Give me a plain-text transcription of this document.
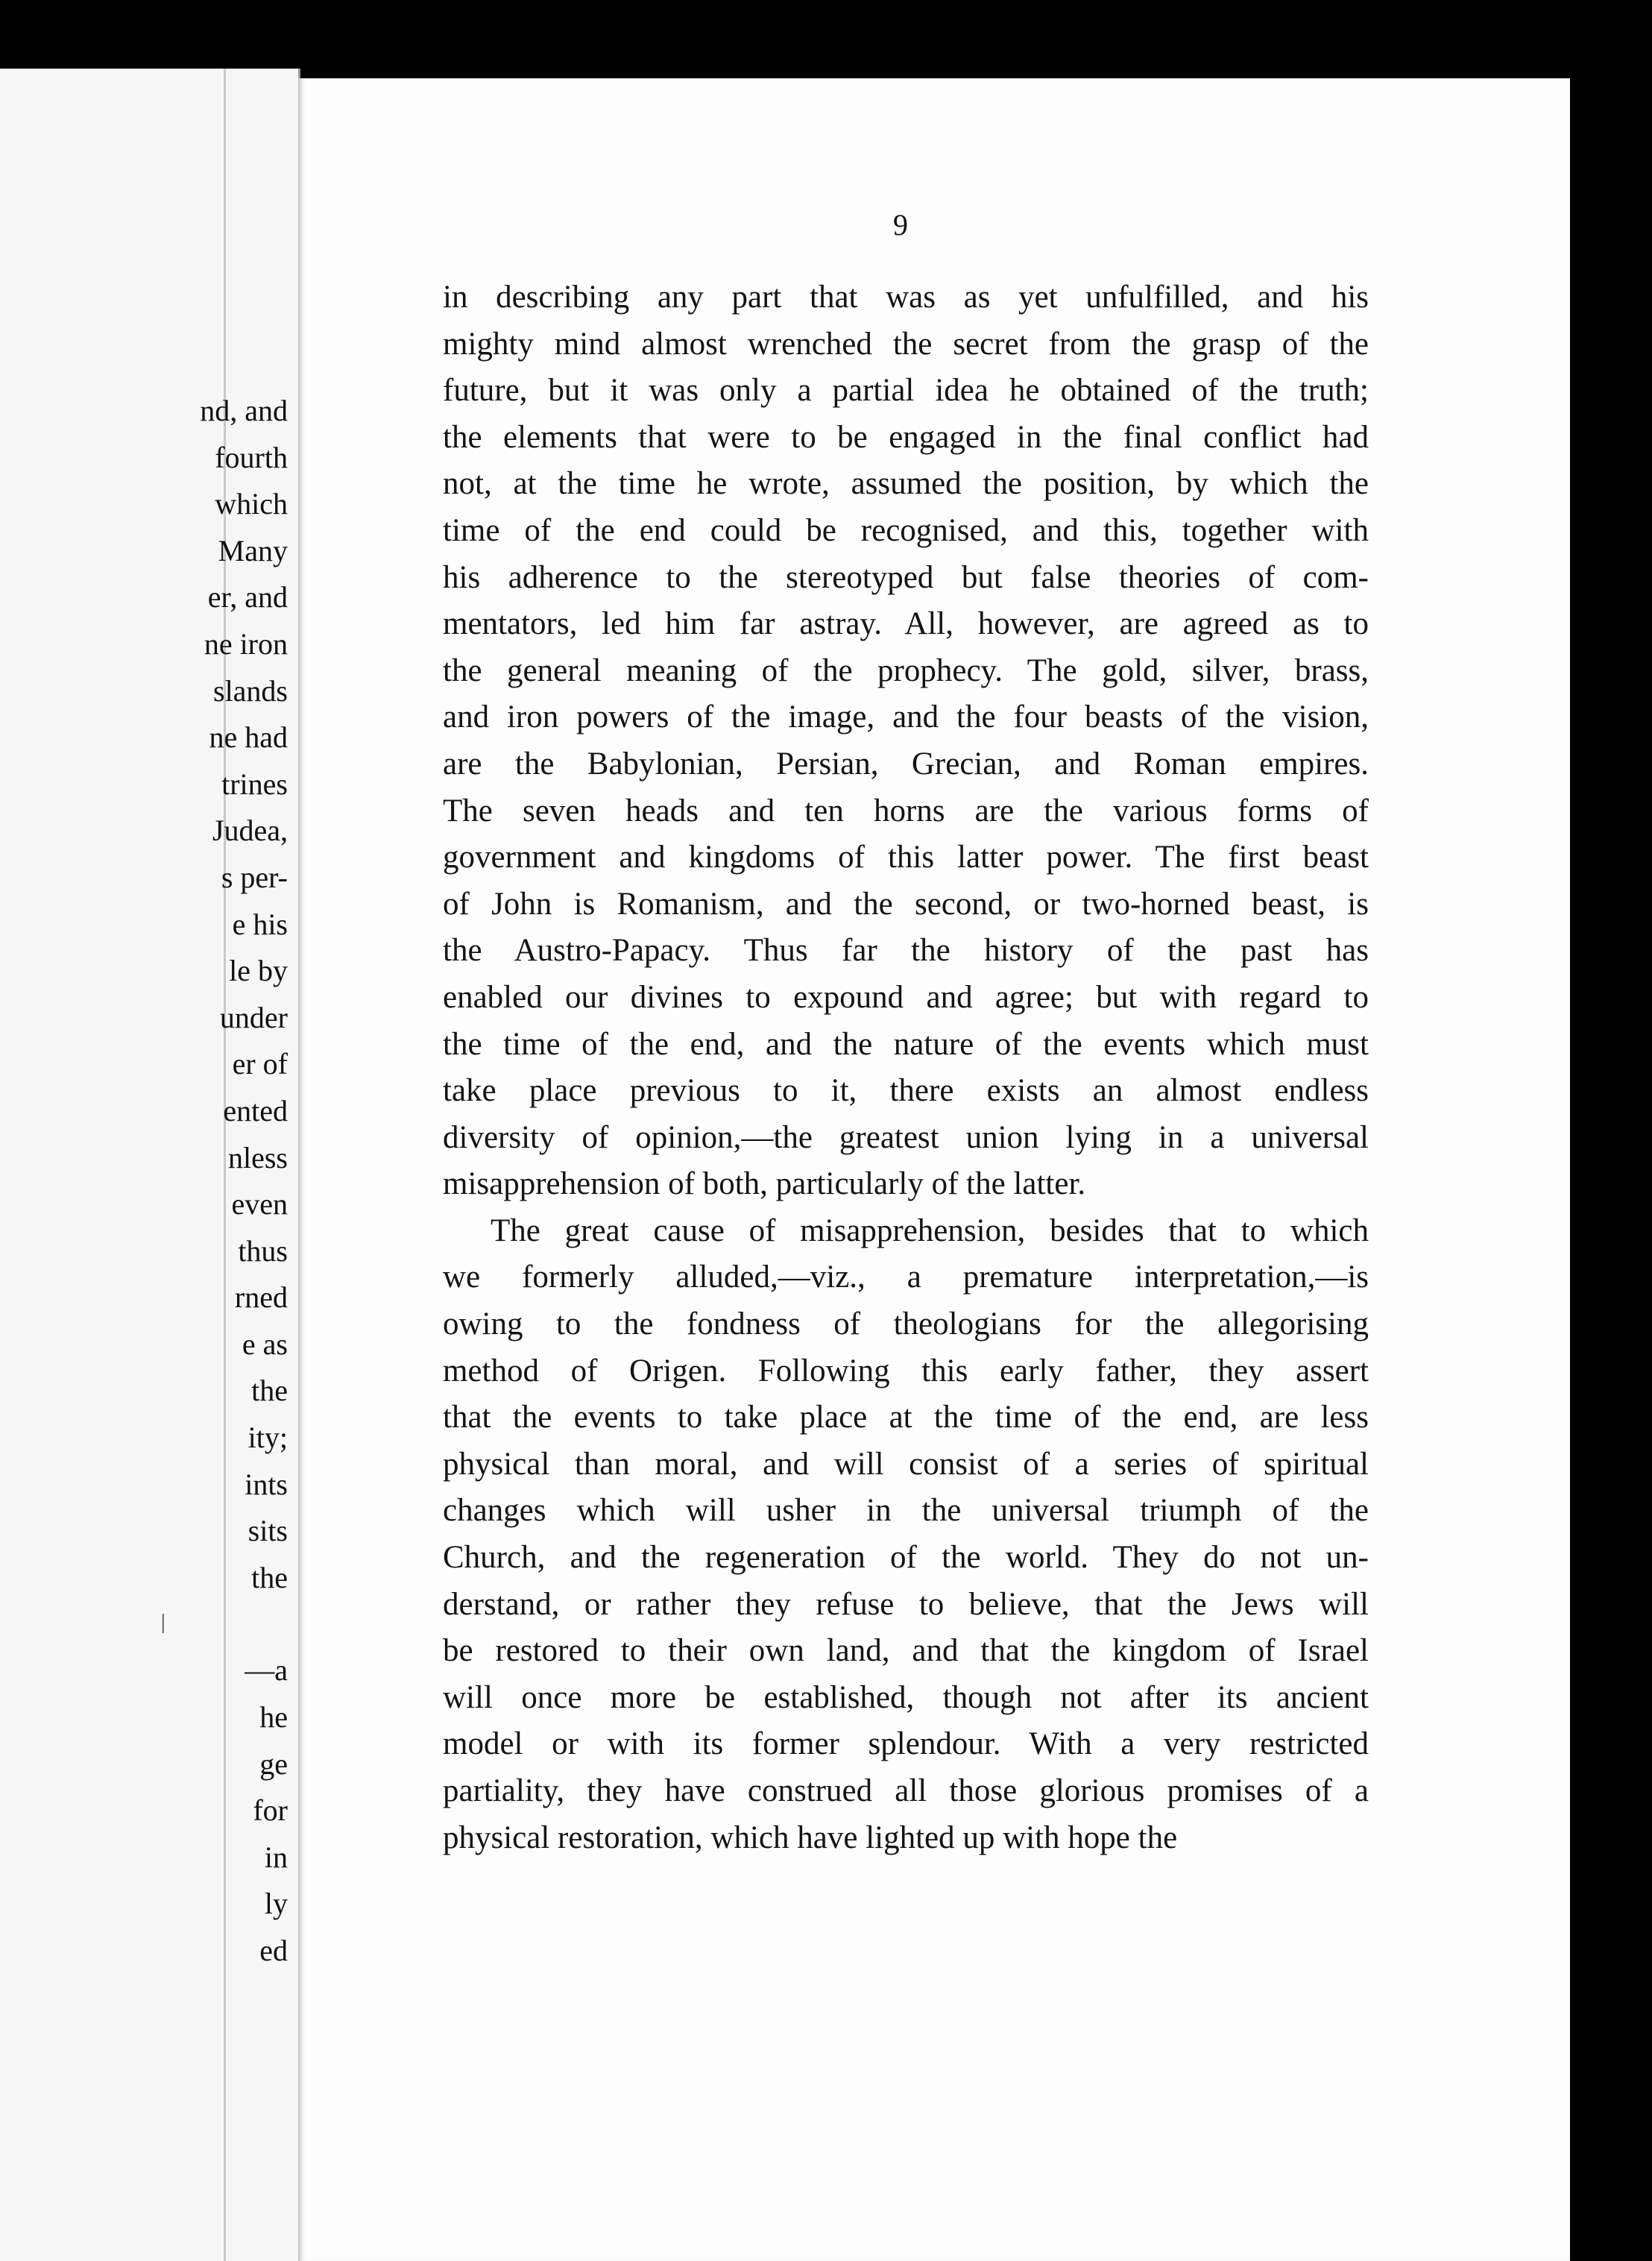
nd, and
fourth
which
Many
er, and
ne iron
slands
ne had
trines
Judea,
s per-
e his
le by
under
er of
ented
nless
even
thus
rned
e as
the
ity;
ints
sits
the
—a
he
ge
for
in
ly
ed
9

in describing any part that was as yet unfulfilled, and his
mighty mind almost wrenched the secret from the grasp of the
future, but it was only a partial idea he obtained of the truth;
the elements that were to be engaged in the final conflict had
not, at the time he wrote, assumed the position, by which the
time of the end could be recognised, and this, together with
his adherence to the stereotyped but false theories of com-
mentators, led him far astray. All, however, are agreed as to
the general meaning of the prophecy. The gold, silver, brass,
and iron powers of the image, and the four beasts of the vision,
are the Babylonian, Persian, Grecian, and Roman empires.
The seven heads and ten horns are the various forms of
government and kingdoms of this latter power. The first beast
of John is Romanism, and the second, or two-horned beast, is
the Austro-Papacy. Thus far the history of the past has
enabled our divines to expound and agree; but with regard to
the time of the end, and the nature of the events which must
take place previous to it, there exists an almost endless
diversity of opinion,—the greatest union lying in a universal
misapprehension of both, particularly of the latter.

The great cause of misapprehension, besides that to which
we formerly alluded,—viz., a premature interpretation,—is
owing to the fondness of theologians for the allegorising
method of Origen. Following this early father, they assert
that the events to take place at the time of the end, are less
physical than moral, and will consist of a series of spiritual
changes which will usher in the universal triumph of the
Church, and the regeneration of the world. They do not un-
derstand, or rather they refuse to believe, that the Jews will
be restored to their own land, and that the kingdom of Israel
will once more be established, though not after its ancient
model or with its former splendour. With a very restricted
partiality, they have construed all those glorious promises of a
physical restoration, which have lighted up with hope the

|
